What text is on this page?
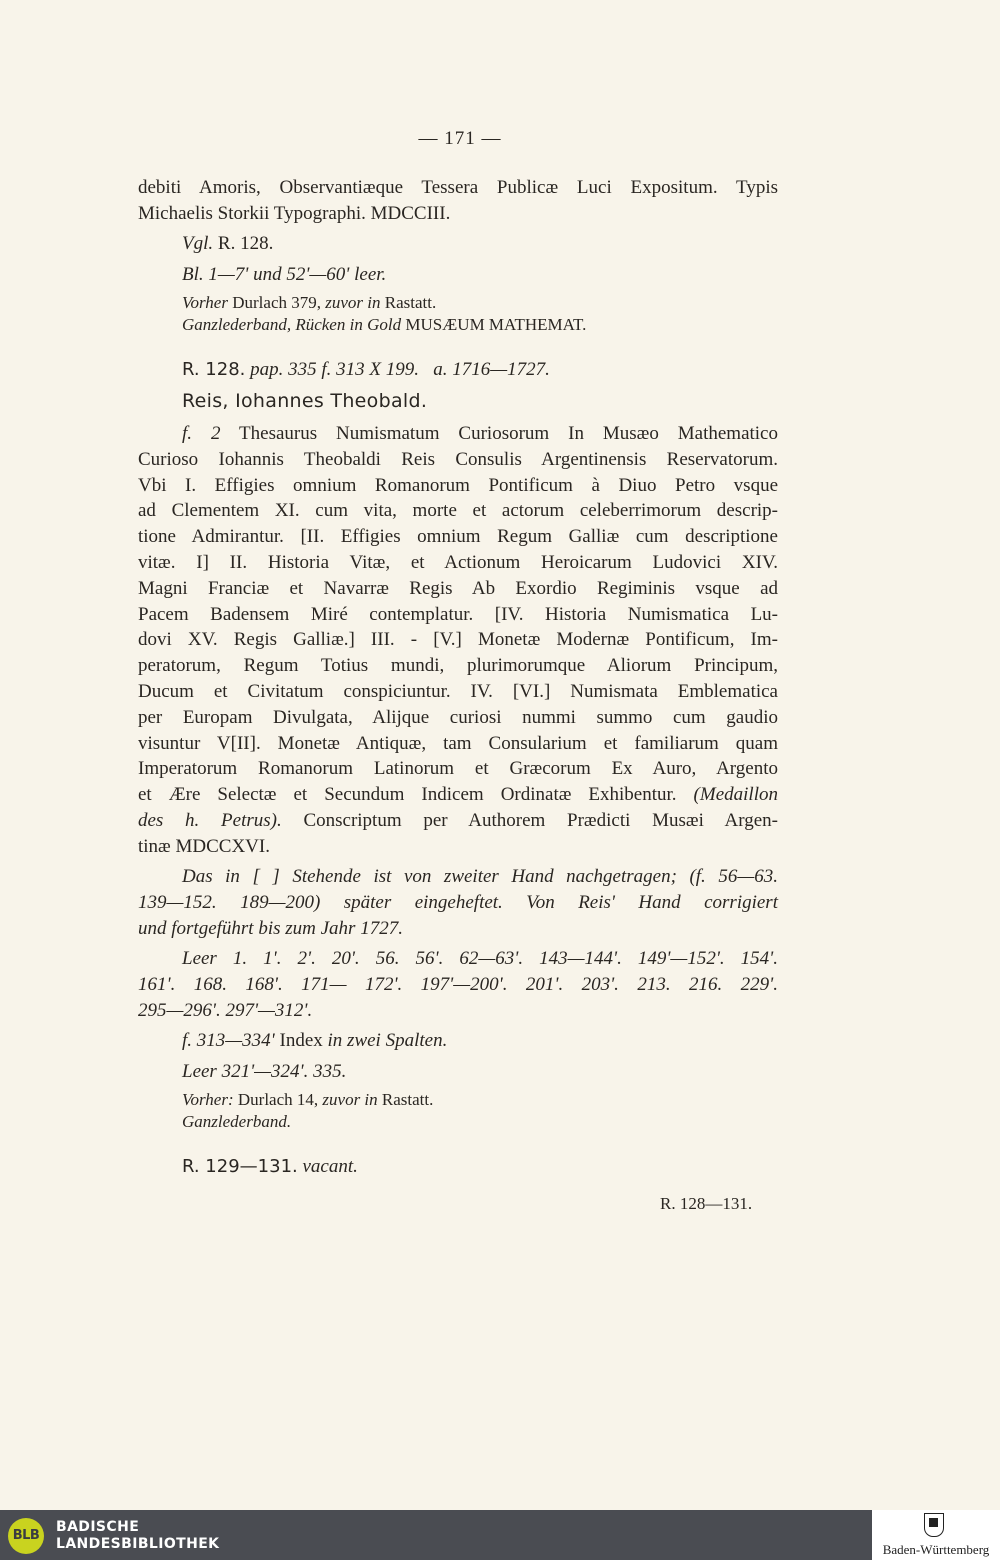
— 171 —
debiti Amoris, Observantiæque Tessera Publicæ Luci Expositum. Typis
Michaelis Storkii Typographi. MDCCIII.
Vgl. R. 128.
Bl. 1—7' und 52'—60' leer.
Vorher Durlach 379, zuvor in Rastatt.
Ganzlederband, Rücken in Gold MUSÆUM MATHEMAT.
R. 128. pap. 335 f. 313 X 199. a. 1716—1727.
Reis, Iohannes Theobald.
f. 2 Thesaurus Numismatum Curiosorum In Musæo Mathematico
Curioso Iohannis Theobaldi Reis Consulis Argentinensis Reservatorum.
Vbi I. Effigies omnium Romanorum Pontificum à Diuo Petro vsque
ad Clementem XI. cum vita, morte et actorum celeberrimorum descrip-
tione Admirantur. [II. Effigies omnium Regum Galliæ cum descriptione
vitæ. I] II. Historia Vitæ, et Actionum Heroicarum Ludovici XIV.
Magni Franciæ et Navarræ Regis Ab Exordio Regiminis vsque ad
Pacem Badensem Miré contemplatur. [IV. Historia Numismatica Lu-
dovi XV. Regis Galliæ.] III. - [V.] Monetæ Modernæ Pontificum, Im-
peratorum, Regum Totius mundi, plurimorumque Aliorum Principum,
Ducum et Civitatum conspiciuntur. IV. [VI.] Numismata Emblematica
per Europam Divulgata, Alijque curiosi nummi summo cum gaudio
visuntur V[II]. Monetæ Antiquæ, tam Consularium et familiarum quam
Imperatorum Romanorum Latinorum et Græcorum Ex Auro, Argento
et Ære Selectæ et Secundum Indicem Ordinatæ Exhibentur. (Medaillon
des h. Petrus). Conscriptum per Authorem Prædicti Musæi Argen-
tinæ MDCCXVI.
Das in [ ] Stehende ist von zweiter Hand nachgetragen; (f. 56—63.
139—152. 189—200) später eingeheftet. Von Reis' Hand corrigiert
und fortgeführt bis zum Jahr 1727.
Leer 1. 1'. 2'. 20'. 56. 56'. 62—63'. 143—144'. 149'—152'. 154'.
161'. 168. 168'. 171— 172'. 197'—200'. 201'. 203'. 213. 216. 229'.
295—296'. 297'—312'.
f. 313—334' Index in zwei Spalten.
Leer 321'—324'. 335.
Vorher: Durlach 14, zuvor in Rastatt.
Ganzlederband.
R. 129—131. vacant.
R. 128—131.
BLB
BADISCHE
LANDESBIBLIOTHEK	Baden-Württemberg
